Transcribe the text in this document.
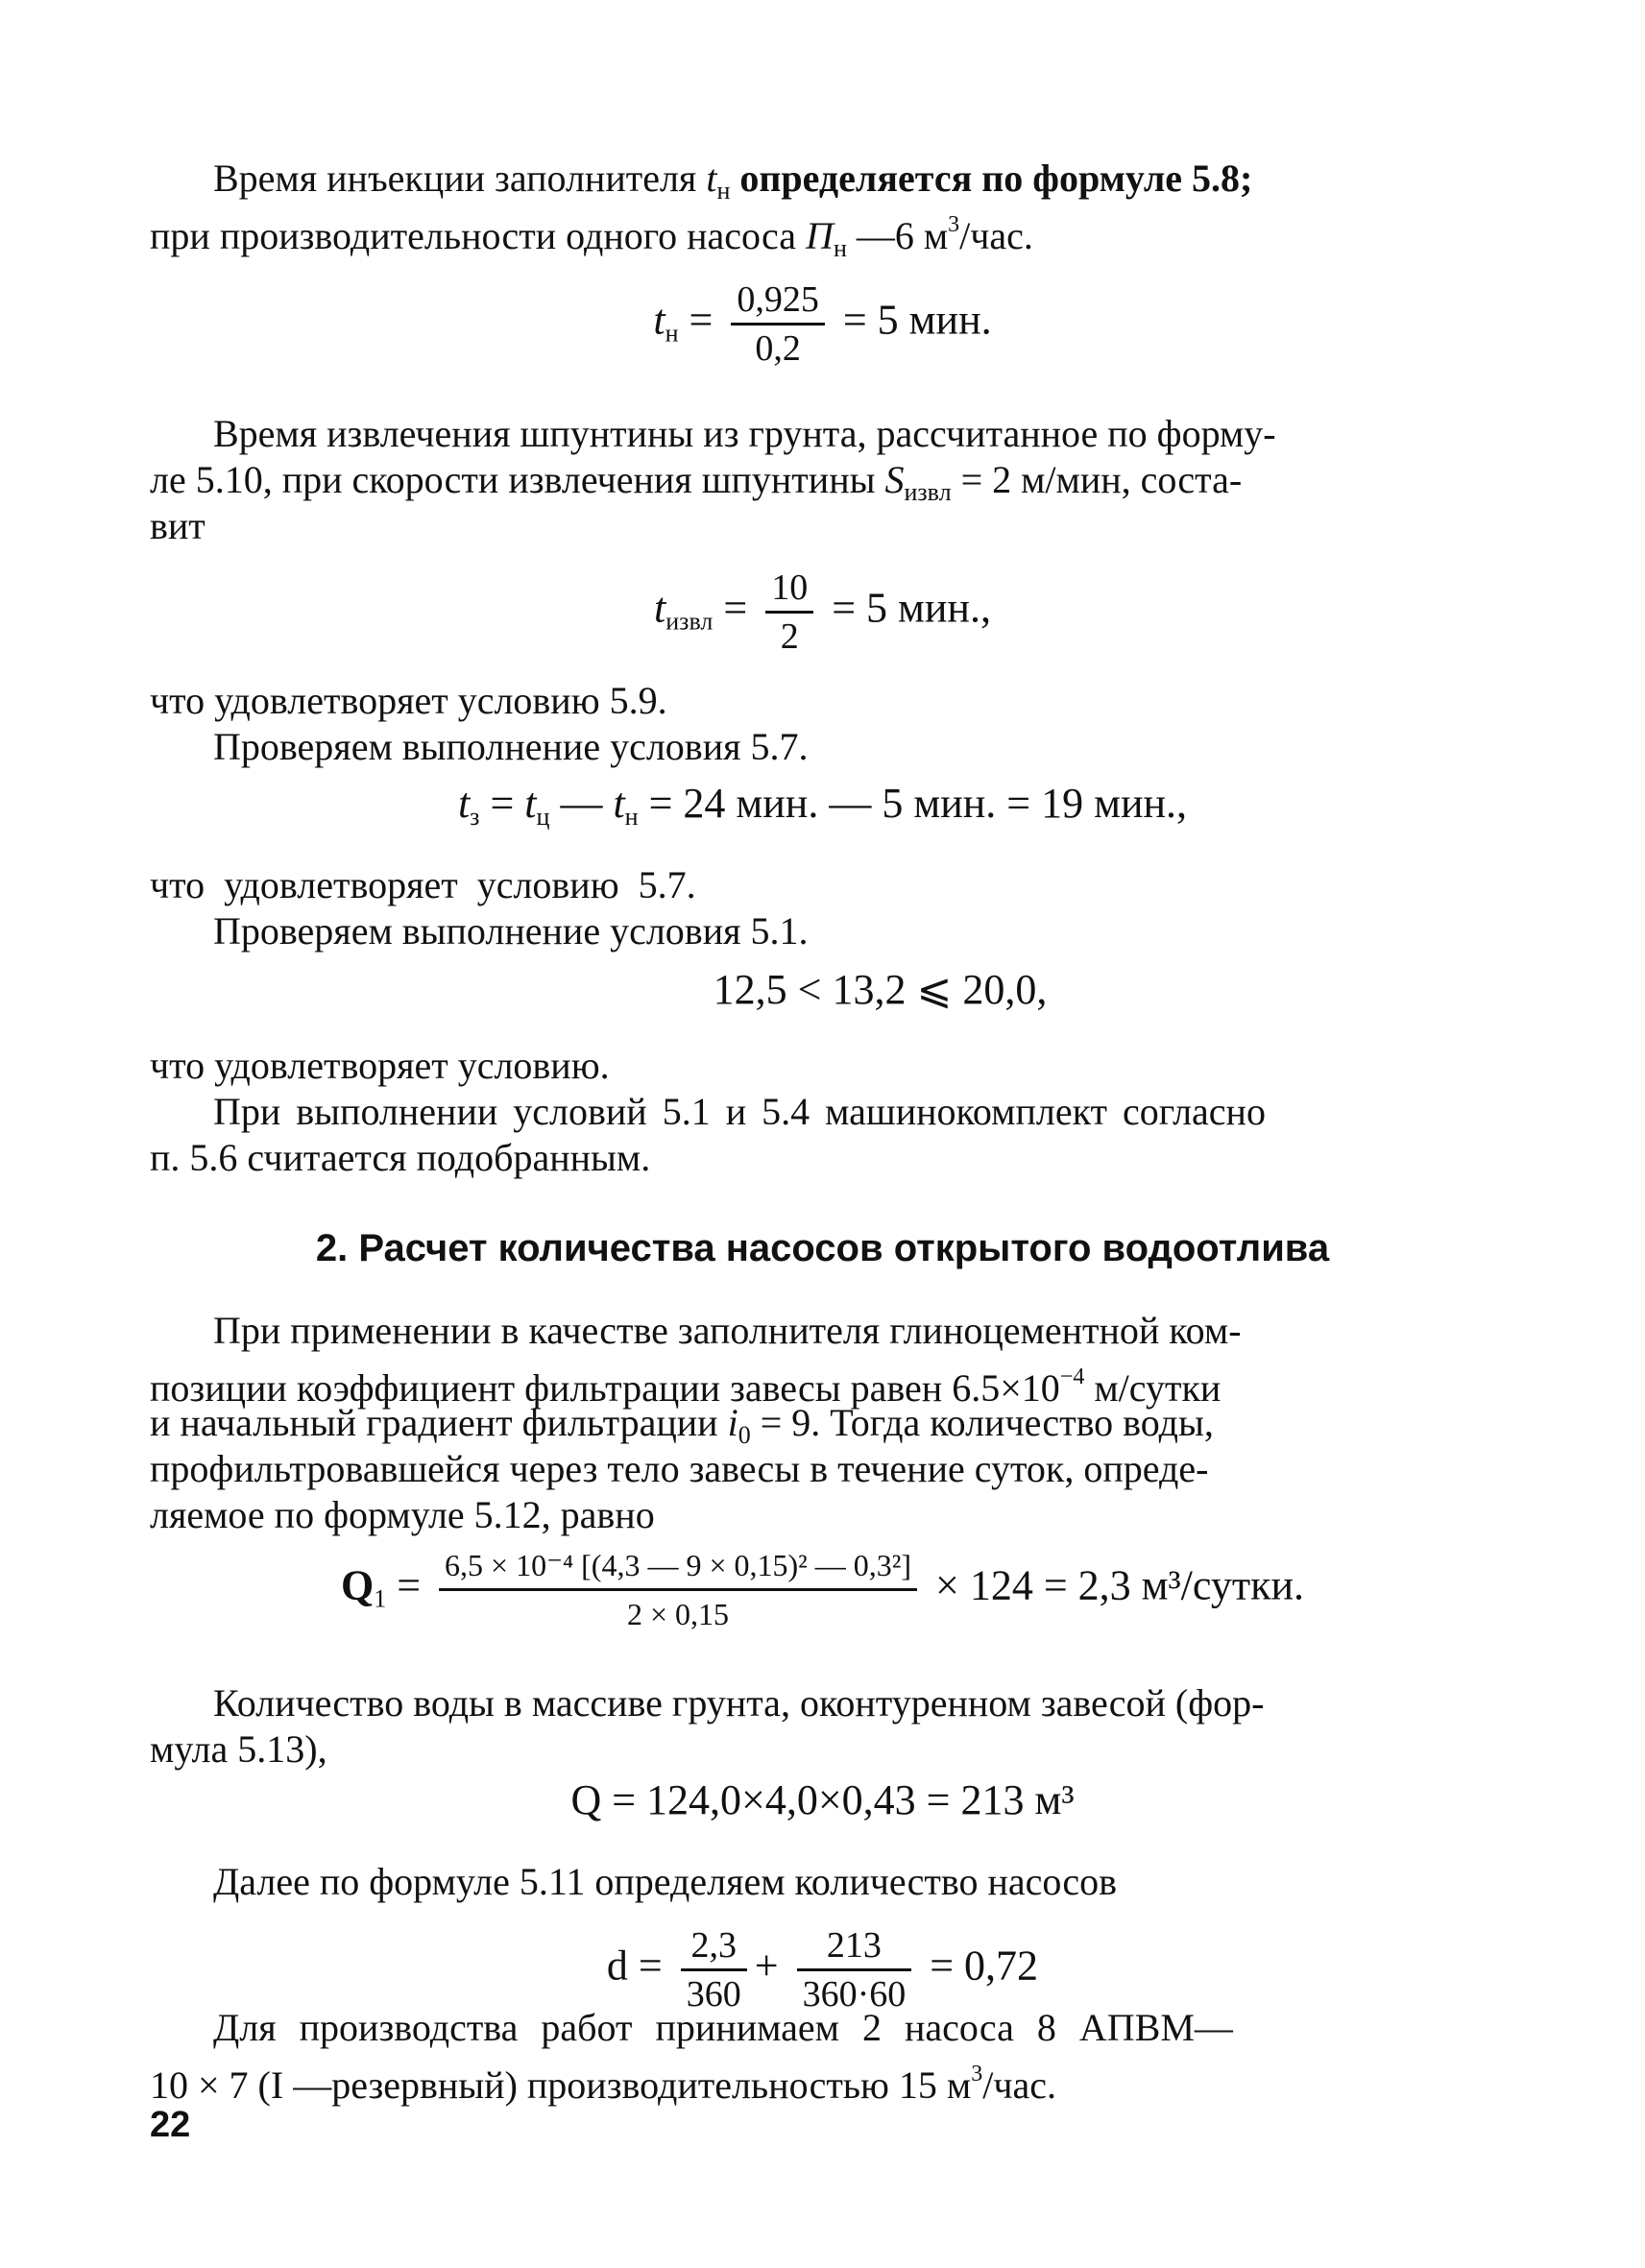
Время инъекции заполнителя $t_н$ определяется по формуле 5.8;
при производительности одного насоса $П_н$ —6 $м^3$/час.
$t_н = \frac{0,925}{0,2} = 5$ мин.
Время извлечения шпунтины из грунта, рассчитанное по форму-
ле 5.10, при скорости извлечения шпунтины $S_{извл} = 2$ м/мин, соста-
вит
$t_{извл} = \frac{10}{2} = 5$ мин.,
что удовлетворяет условию 5.9.
Проверяем выполнение условия 5.7.
$t_з = t_ц$ — $t_н = 24$ мин. — 5 мин. = 19 мин.,
что удовлетворяет условию 5.7.
Проверяем выполнение условия 5.1.
12,5 < 13,2 ⩽ 20,0,
что удовлетворяет условию.
При выполнении условий 5.1 и 5.4 машинокомплект согласно
п. 5.6 считается подобранным.
2. Расчет количества насосов открытого водоотлива
При применении в качестве заполнителя глиноцементной ком-
позиции коэффициент фильтрации завесы равен $6.5\times 10^{-4}$ м/сутки
и начальный градиент фильтрации $i_0 = 9$. Тогда количество воды,
профильтровавшейся через тело завесы в течение суток, опреде-
ляемое по формуле 5.12, равно
$Q_1 = \frac{\text{6,5 × 10⁻⁴ [(4,3 — 9 × 0,15)² — 0,3²]}}{2 \times 0,15} \times 124 = 2,3$ м³/сутки.
Количество воды в массиве грунта, оконтуренном завесой (фор-
мула 5.13),
Q = 124,0×4,0×0,43 = 213 м³
Далее по формуле 5.11 определяем количество насосов
$d = \frac{2,3}{360} + \frac{213}{360\cdot 60} = 0,72$
Для производства работ принимаем 2 насоса 8 АПВМ—
10 × 7 (I —резервный) производительностью 15 $м^3$/час.
22
